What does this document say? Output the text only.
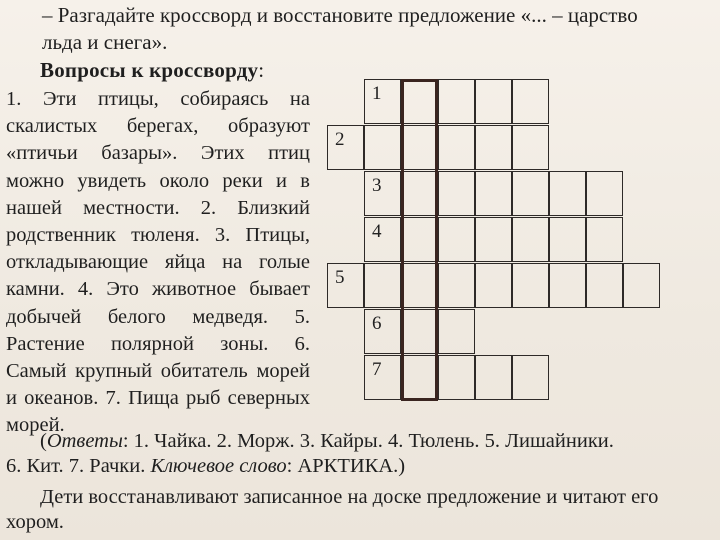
– Разгадайте кроссворд и восстановите предложение «... – царство
льда и снега».
Вопросы к кроссворду:
1. Эти птицы, собираясь на скалистых берегах, образуют «птичьи базары». Этих птиц можно увидеть около реки и в нашей местности. 2. Близкий родственник тюленя. 3. Птицы, откладывающие яйца на голые камни. 4. Это животное бывает добычей белого медведя. 5. Растение полярной зоны. 6. Самый крупный обитатель морей и океанов. 7. Пища рыб северных морей.
1
2
3
4
5
6
7
(Ответы: 1. Чайка. 2. Морж. 3. Кайры. 4. Тюлень. 5. Лишайники.
6. Кит. 7. Рачки. Ключевое слово: АРКТИКА.)
Дети восстанавливают записанное на доске предложение и читают его
хором.
